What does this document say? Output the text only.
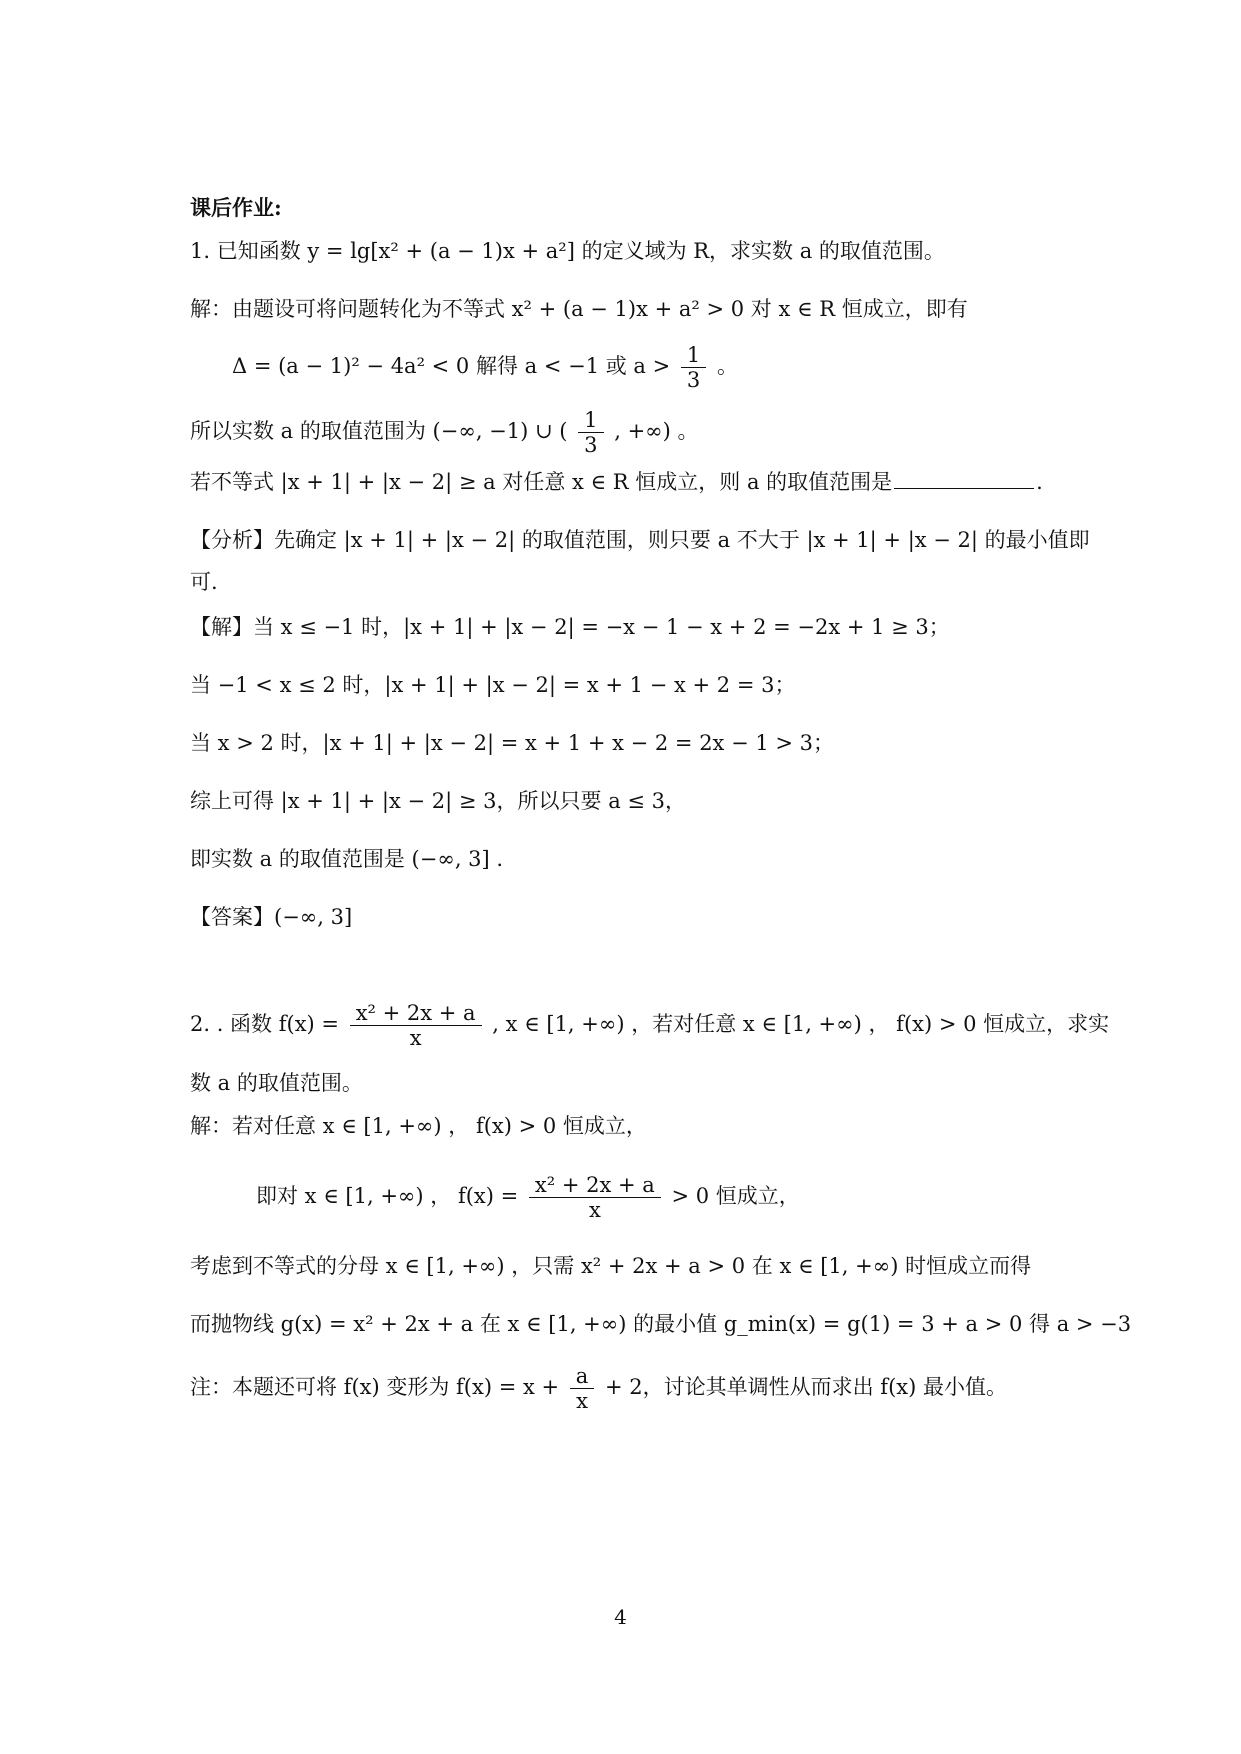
课后作业:
1. 已知函数 y = lg[x² + (a − 1)x + a²] 的定义域为 R，求实数 a 的取值范围。
解：由题设可将问题转化为不等式 x² + (a − 1)x + a² > 0 对 x ∈ R 恒成立，即有
Δ = (a − 1)² − 4a² < 0 解得 a < −1 或 $a > \frac{1}{3}$ 。
所以实数 a 的取值范围为 (−∞, −1) ∪ ( $\frac{1}{3}$ , +∞) 。
若不等式 |x + 1| + |x − 2| ≥ a 对任意 x ∈ R 恒成立，则 a 的取值范围是	.
【分析】先确定 |x + 1| + |x − 2| 的取值范围，则只要 a 不大于 |x + 1| + |x − 2| 的最小值即
可.
【解】当 x ≤ −1 时，|x + 1| + |x − 2| = −x − 1 − x + 2 = −2x + 1 ≥ 3；
当 −1 < x ≤ 2 时，|x + 1| + |x − 2| = x + 1 − x + 2 = 3；
当 x > 2 时，|x + 1| + |x − 2| = x + 1 + x − 2 = 2x − 1 > 3；
综上可得 |x + 1| + |x − 2| ≥ 3，所以只要 a ≤ 3，
即实数 a 的取值范围是 (−∞, 3] .
【答案】(−∞, 3]
2. . 函数 $f(x) = \frac{\text{x² + 2x + a}}{x}$ , x ∈ [1, +∞) ，若对任意 x ∈ [1, +∞) ， f(x) > 0 恒成立，求实
数 a 的取值范围。
解：若对任意 x ∈ [1, +∞) ， f(x) > 0 恒成立，
即对 x ∈ [1, +∞) ， $f(x) = \frac{\text{x² + 2x + a}}{x} > 0$ 恒成立，
考虑到不等式的分母 x ∈ [1, +∞) ，只需 x² + 2x + a > 0 在 x ∈ [1, +∞) 时恒成立而得
而抛物线 g(x) = x² + 2x + a 在 x ∈ [1, +∞) 的最小值 g_min(x) = g(1) = 3 + a > 0 得 a > −3
注：本题还可将 f(x) 变形为 $f(x) = x + \frac{a}{x} + 2$，讨论其单调性从而求出 f(x) 最小值。
4
